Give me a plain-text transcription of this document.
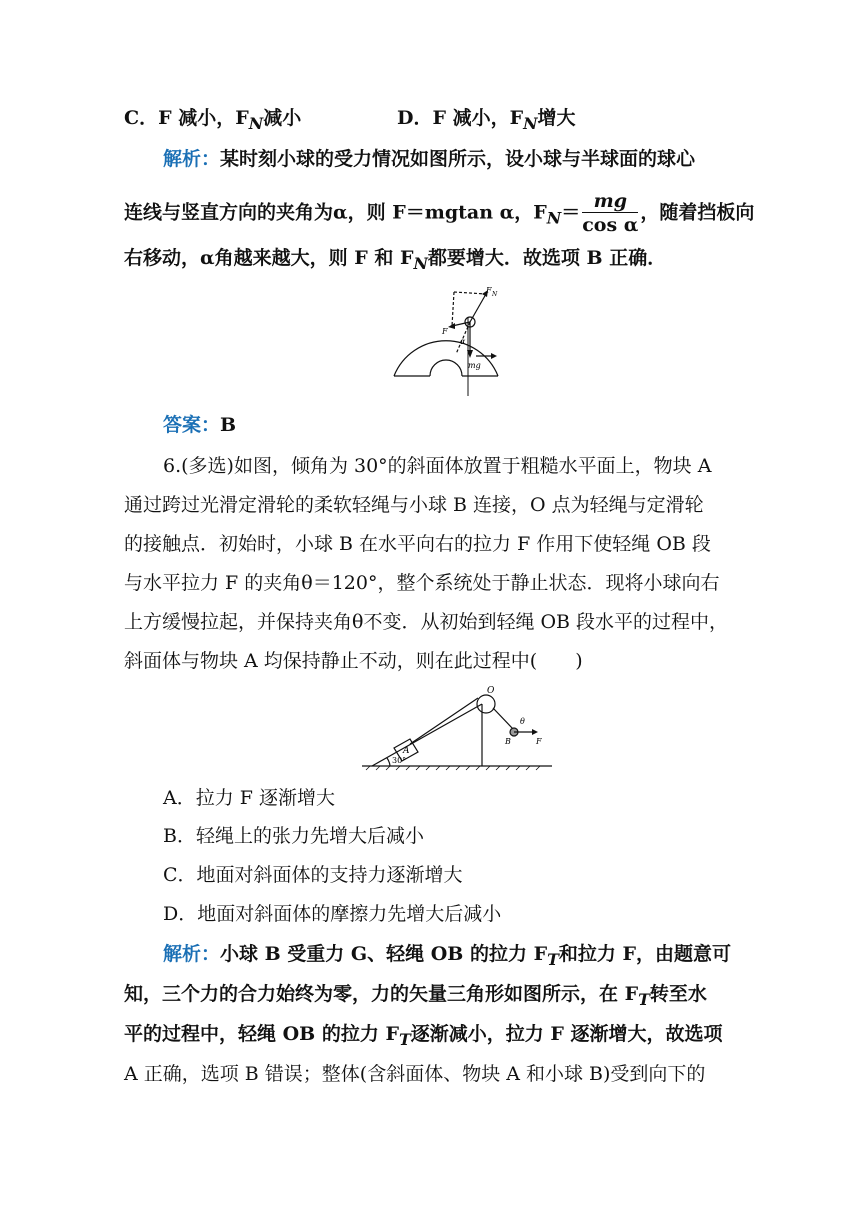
C．F 减小，$F_N$减小	D．F 减小，$F_N$增大
解析：某时刻小球的受力情况如图所示，设小球与半球面的球心
连线与竖直方向的夹角为α，则 F＝mgtan α，$F_N= \frac{mg}{\text{cos α}}$ ，随着挡板向
右移动，α角越来越大，则 F 和 $F_N$都要增大．故选项 B 正确．
F N
F
α
mg
答案：B
6.(多选)如图，倾角为 30°的斜面体放置于粗糙水平面上，物块 A
通过跨过光滑定滑轮的柔软轻绳与小球 B 连接，O 点为轻绳与定滑轮
的接触点．初始时，小球 B 在水平向右的拉力 F 作用下使轻绳 OB 段
与水平拉力 F 的夹角θ＝120°，整个系统处于静止状态．现将小球向右
上方缓慢拉起，并保持夹角θ不变．从初始到轻绳 OB 段水平的过程中，
斜面体与物块 A 均保持静止不动，则在此过程中(　　)
O
A
θ
B	F
30°
A．拉力 F 逐渐增大
B．轻绳上的张力先增大后减小
C．地面对斜面体的支持力逐渐增大
D．地面对斜面体的摩擦力先增大后减小
解析：小球 B 受重力 G、轻绳 OB 的拉力 $F_T$和拉力 F，由题意可
知，三个力的合力始终为零，力的矢量三角形如图所示，在 $F_T$转至水
平的过程中，轻绳 OB 的拉力 $F_T$逐渐减小，拉力 F 逐渐增大，故选项
A 正确，选项 B 错误；整体(含斜面体、物块 A 和小球 B)受到向下的
